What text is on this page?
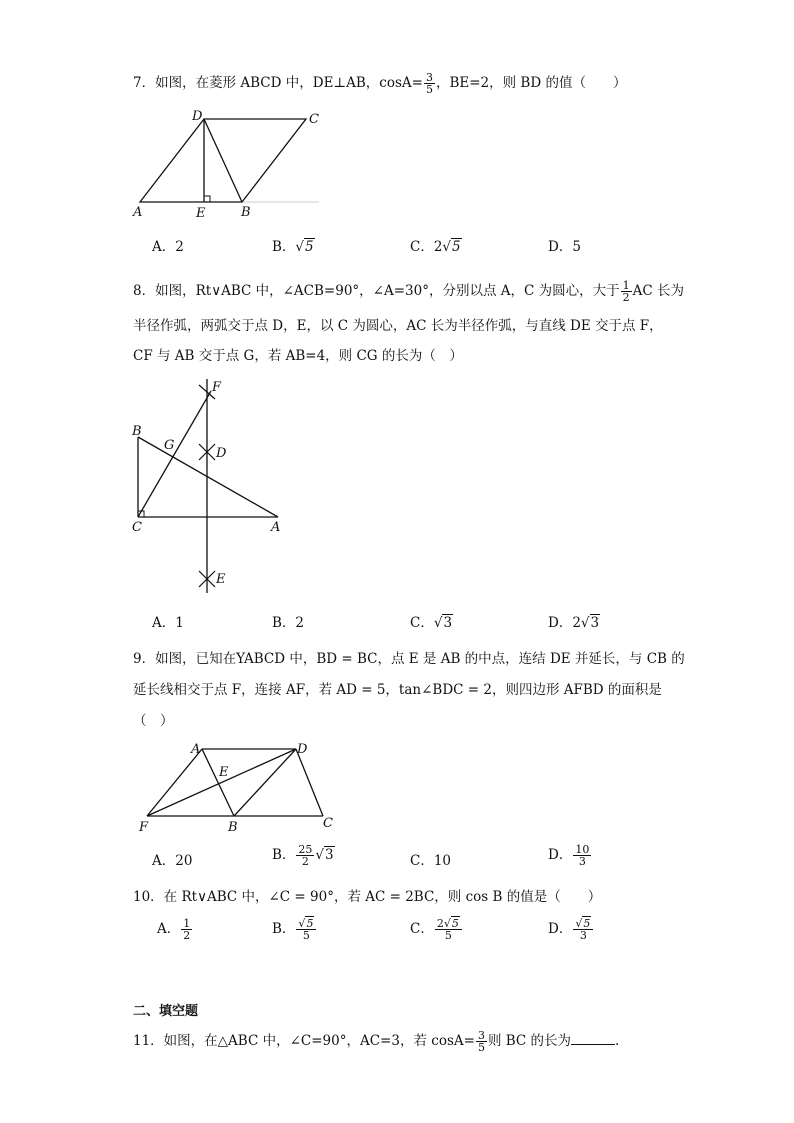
7．如图，在菱形 ABCD 中，DE⊥AB，$\cos A= \frac{3}{5}$ ，BE=2，则 BD 的值（　　）
D	C
A	E	B
A．2	B．√5	C．2√5	D．5
8．如图，Rt∨ABC 中，∠ACB=90°，∠A=30°，分别以点 A，C 为圆心，大于 $\frac{1}{2}$ AC 长为
半径作弧，两弧交于点 D，E，以 C 为圆心，AC 长为半径作弧，与直线 DE 交于点 F，
CF 与 AB 交于点 G，若 AB=4，则 CG 的长为（　）
F
B
G
D
C	A
E
A．1	B．2	C．√3	D．2√3
9．如图，已知在YABCD 中，BD = BC，点 E 是 AB 的中点，连结 DE 并延长，与 CB 的
延长线相交于点 F，连接 AF，若 AD = 5，tan∠BDC = 2，则四边形 AFBD 的面积是
（　）
A	D
E
F	B	C
A．20	B． $\frac{25}{2} √3$	C．10	D． $\frac{10}{3}$
10．在 Rt∨ABC 中，∠C = 90°，若 AC = 2BC，则 cos B 的值是（　　）
A． $\frac{1}{2}$	B． $\frac{√5}{5}$	C． $\frac{2√5}{5}$	D． $\frac{√5}{3}$
二、填空题
11．如图，在△ABC 中，∠C=90°，AC=3，若 $\cos A= \frac{3}{5}$ 则 BC 的长为	.
